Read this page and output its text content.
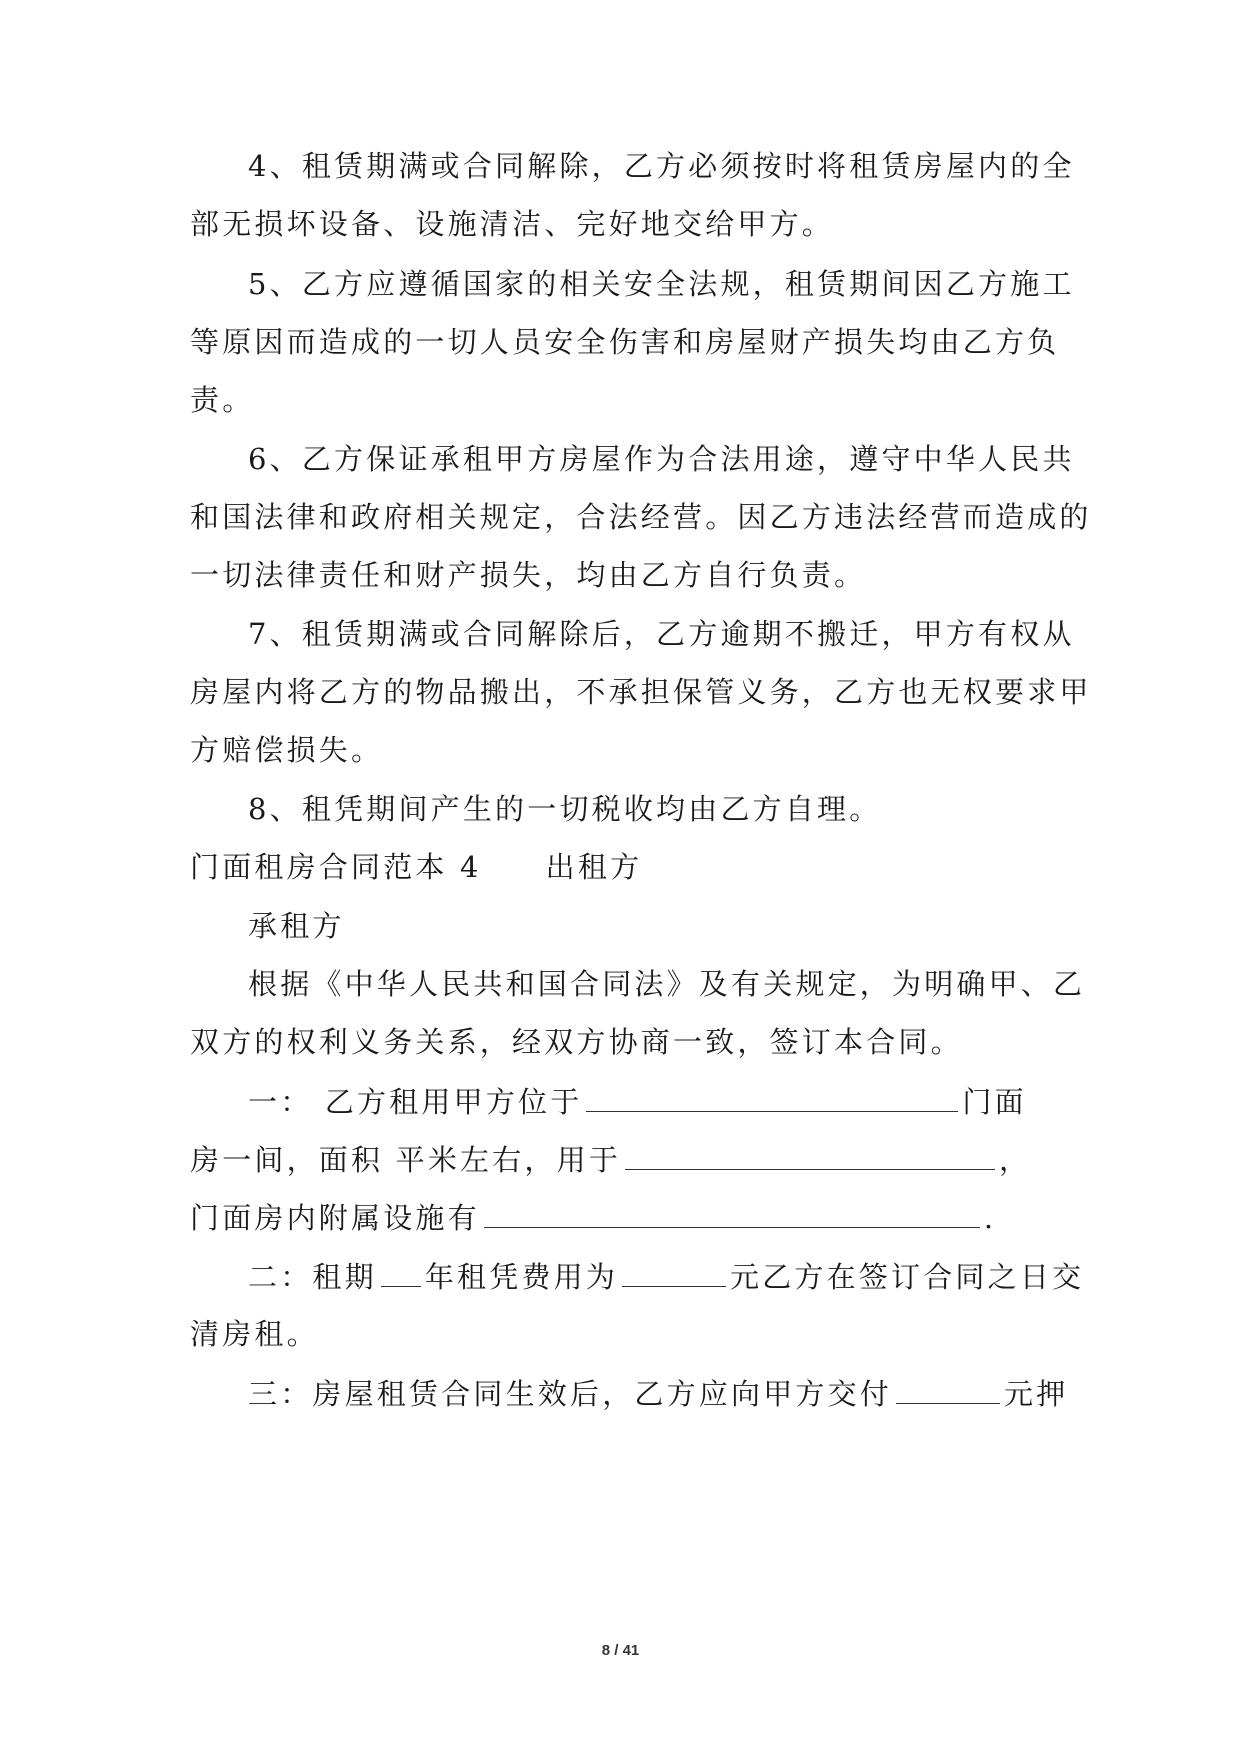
4、租赁期满或合同解除，乙方必须按时将租赁房屋内的全
部无损坏设备、设施清洁、完好地交给甲方。
5、乙方应遵循国家的相关安全法规，租赁期间因乙方施工
等原因而造成的一切人员安全伤害和房屋财产损失均由乙方负
责。
6、乙方保证承租甲方房屋作为合法用途，遵守中华人民共
和国法律和政府相关规定，合法经营。因乙方违法经营而造成的
一切法律责任和财产损失，均由乙方自行负责。
7、租赁期满或合同解除后，乙方逾期不搬迁，甲方有权从
房屋内将乙方的物品搬出，不承担保管义务，乙方也无权要求甲
方赔偿损失。
8、租凭期间产生的一切税收均由乙方自理。
门面租房合同范本 4 出租方
承租方
根据《中华人民共和国合同法》及有关规定，为明确甲、乙
双方的权利义务关系，经双方协商一致，签订本合同。
一： 乙方租用甲方位于	门面
房一间，面积 平米左右，用于	，
门面房内附属设施有	.
二：租期 年租凭费用为	元乙方在签订合同之日交
清房租。
三：房屋租赁合同生效后，乙方应向甲方交付	元押
8 / 41
